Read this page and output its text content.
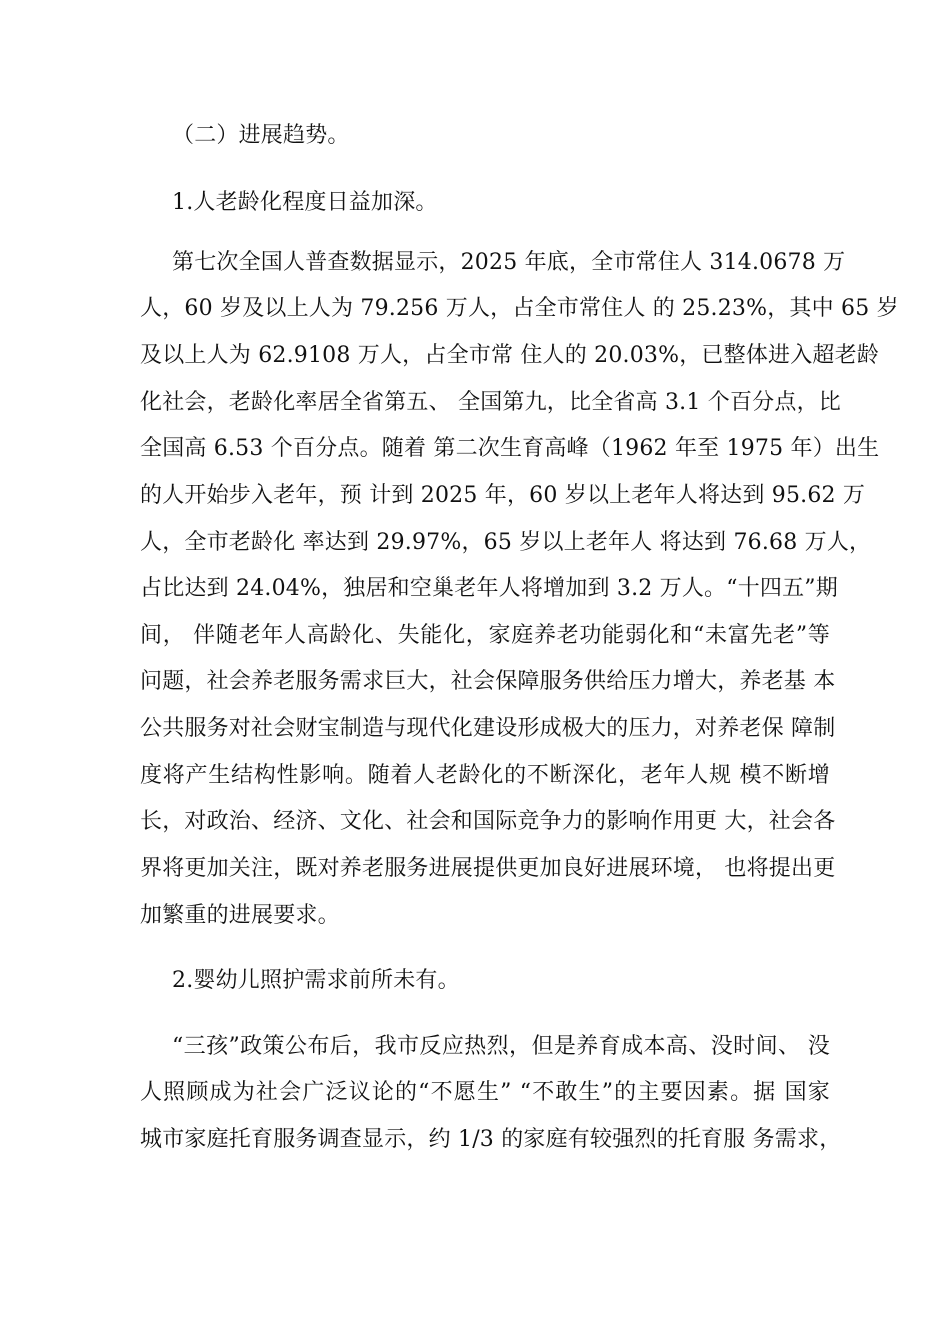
（二）进展趋势。
1.人老龄化程度日益加深。
第七次全国人普查数据显示，2025 年底，全市常住人 314.0678 万
人，60 岁及以上人为 79.256 万人，占全市常住人 的 25.23%，其中 65 岁
及以上人为 62.9108 万人，占全市常 住人的 20.03%，已整体进入超老龄
化社会，老龄化率居全省第五、 全国第九，比全省高 3.1 个百分点，比
全国高 6.53 个百分点。随着 第二次生育高峰（1962 年至 1975 年）出生
的人开始步入老年，预 计到 2025 年，60 岁以上老年人将达到 95.62 万
人，全市老龄化 率达到 29.97%，65 岁以上老年人 将达到 76.68 万人，
占比达到 24.04%，独居和空巢老年人将增加到 3.2 万人。“十四五”期
间， 伴随老年人高龄化、失能化，家庭养老功能弱化和“未富先老”等
问题，社会养老服务需求巨大，社会保障服务供给压力增大，养老基 本
公共服务对社会财宝制造与现代化建设形成极大的压力，对养老保 障制
度将产生结构性影响。随着人老龄化的不断深化，老年人规 模不断增
长，对政治、经济、文化、社会和国际竞争力的影响作用更 大，社会各
界将更加关注，既对养老服务进展提供更加良好进展环境， 也将提出更
加繁重的进展要求。
2.婴幼儿照护需求前所未有。
“三孩”政策公布后，我市反应热烈，但是养育成本高、没时间、 没
人照顾成为社会广泛议论的“不愿生” “不敢生”的主要因素。据 国家
城市家庭托育服务调查显示，约 1/3 的家庭有较强烈的托育服 务需求，
